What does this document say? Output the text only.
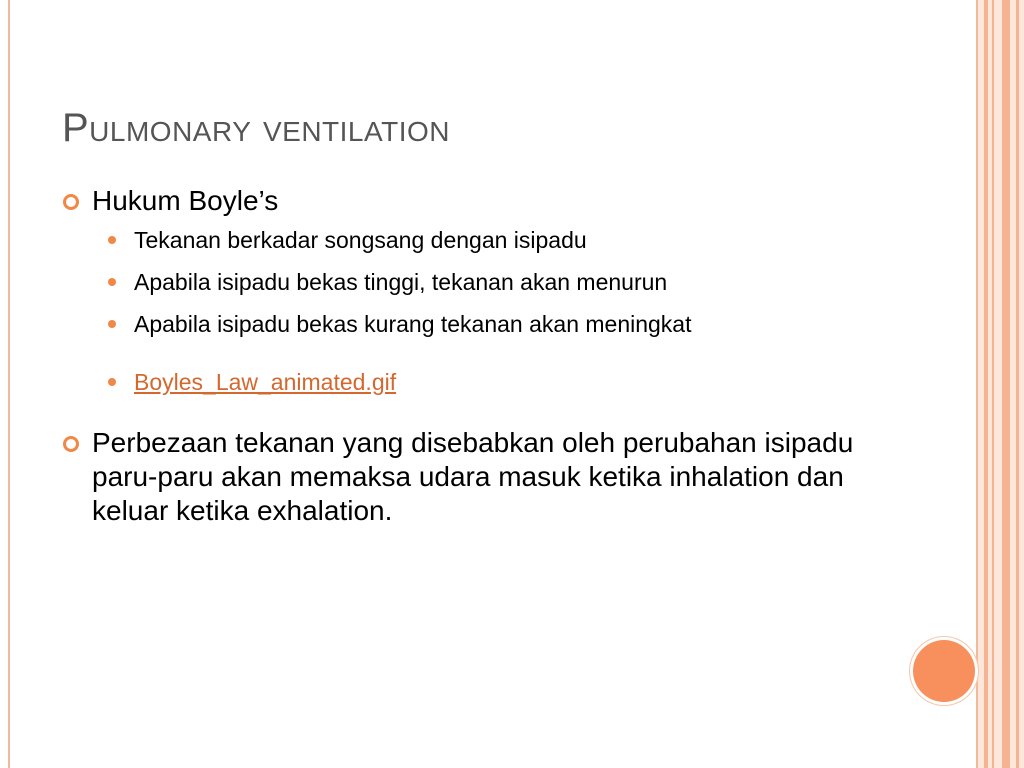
Pulmonary ventilation
Hukum Boyle’s
Tekanan berkadar songsang dengan isipadu
Apabila isipadu bekas tinggi, tekanan akan menurun
Apabila isipadu bekas kurang tekanan akan meningkat
Boyles_Law_animated.gif
Perbezaan tekanan yang disebabkan oleh perubahan isipadu paru-paru akan memaksa udara masuk ketika inhalation dan keluar ketika exhalation.
